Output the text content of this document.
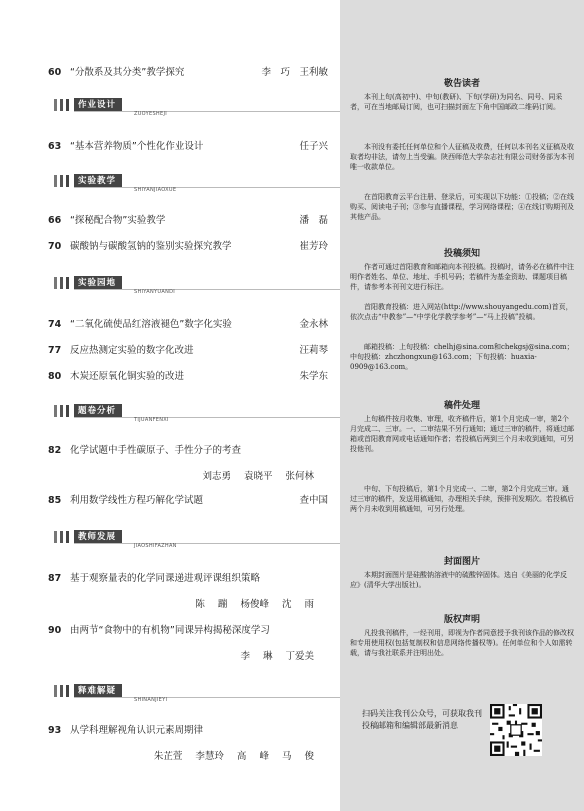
60 “分散系及其分类”教学探究	李　巧　王利敏
作业设计
ZUOYESHEJI
63 “基本营养物质”个性化作业设计	任子兴
实验教学
SHIYANJIAOXUE
66 “探秘配合物”实验教学	潘　磊
70 碳酸钠与碳酸氢钠的鉴别实验探究教学	崔芳玲
实验园地
SHIYANYUANDI
74 “二氧化硫使品红溶液褪色”数字化实验	金永林
77 反应热测定实验的数字化改进	汪莉琴
80 木炭还原氧化铜实验的改进	朱学东
题卷分析
TIJUANFENXI
82 化学试题中手性碳原子、手性分子的考查
刘志勇 袁晓平 张何林
85 利用数学线性方程巧解化学试题	查中国
教师发展
JIAOSHIFAZHAN
87 基于观察量表的化学同课递进观评课组织策略
陈 蹦 杨俊峰 沈 雨
90 由两节“食物中的有机物”同课异构揭秘深度学习
李 琳 丁爱美
释难解疑
SHINANJIEYI
93 从学科理解视角认识元素周期律
朱芷萱 李慧玲 高 峰 马 俊
敬告读者
本刊上旬(高初中)、中旬(教研)、下旬(学研)为同名、同号、同采者，可在当地邮局订阅，也可扫描封面左下角中国邮政二维码订阅。
本刊没有委托任何单位和个人征稿及收费，任何以本刊名义征稿及收取者均非法，请勿上当受骗。陕西师范大学杂志社有限公司财务部为本刊唯一收款单位。
在首阳教育云平台注册、登录后，可实现以下功能：①投稿；②在线购买、阅读电子刊；③参与直播课程，学习网络课程；④在线订购期刊及其他产品。
投稿须知
作者可通过首阳教育和邮箱向本刊投稿。投稿时，请务必在稿件中注明作者姓名、单位、地址、手机号码；若稿件为基金资助、课题项目稿件，请参考本刊刊文进行标注。
首阳教育投稿：进入网站(http://www.shouyangedu.com)首页，依次点击“中教参”—“中学化学教学参考”—“马上投稿”投稿。
邮箱投稿：上旬投稿：chelhj@sina.com和chekgsj@sina.com；中旬投稿：zhczhongxun@163.com；下旬投稿：huaxia-0909@163.com。
稿件处理
上旬稿件按月收集、审理，收齐稿件后，第1个月完成一审，第2个月完成二、三审。一、二审结果不另行通知；通过三审的稿件，将通过邮箱或首阳教育网或电话通知作者；若投稿后两到三个月未收到通知，可另投他刊。
中旬、下旬投稿后，第1个月完成一、二审，第2个月完成三审。通过三审的稿件，发送用稿通知，办理相关手续，预排刊发期次。若投稿后两个月未收到用稿通知，可另行处理。
封面图片
本期封面图片是硅酸钠溶液中的硫酸锌固体。选自《美丽的化学反应》(清华大学出版社)。
版权声明
凡投我刊稿件，一经刊用，即视为作者同意授予我刊该作品的修改权和专用使用权(包括复制权和信息网络传播权等)。任何单位和个人如需转载，请与我社联系并注明出处。
扫码关注我刊公众号，可获取我刊投稿邮箱和编辑部最新消息
